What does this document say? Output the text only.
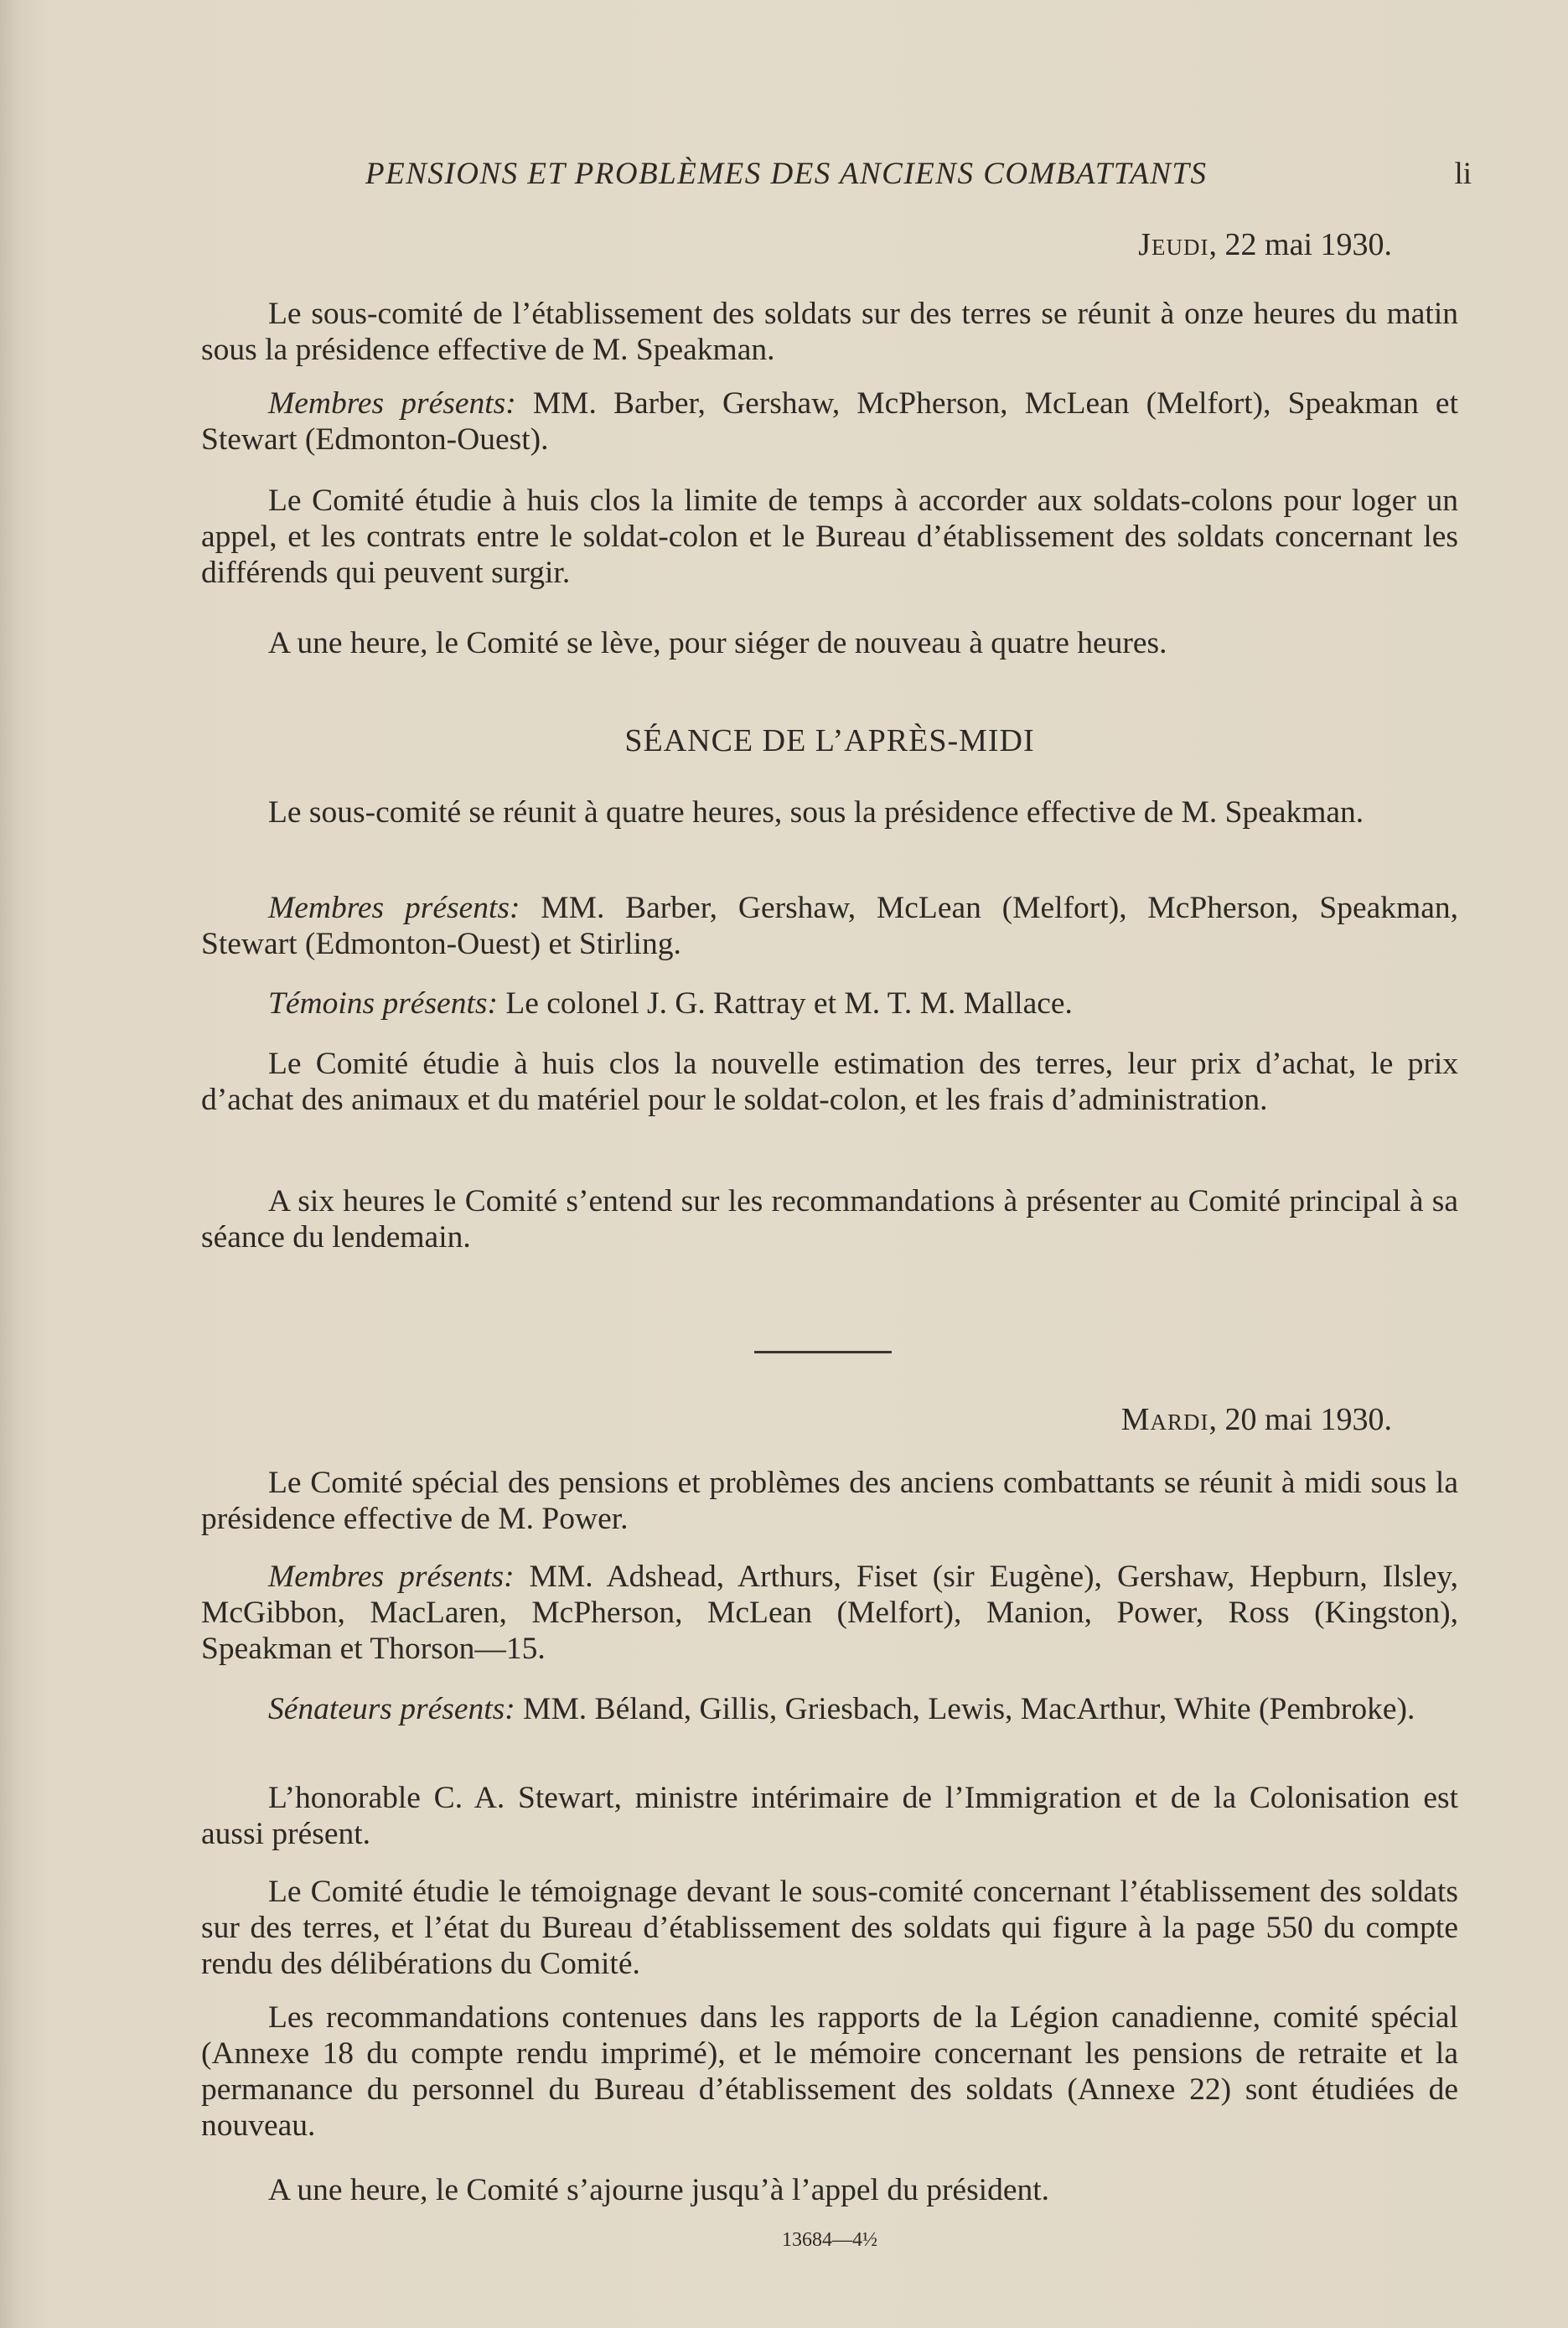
PENSIONS ET PROBLÈMES DES ANCIENS COMBATTANTS	li
Jeudi, 22 mai 1930.

Le sous-comité de l’établissement des soldats sur des terres se réunit à onze heures du matin sous la présidence effective de M. Speakman.

Membres présents: MM. Barber, Gershaw, McPherson, McLean (Melfort), Speakman et Stewart (Edmonton-Ouest).

Le Comité étudie à huis clos la limite de temps à accorder aux soldats-colons pour loger un appel, et les contrats entre le soldat-colon et le Bureau d’établissement des soldats concernant les différends qui peuvent surgir.

A une heure, le Comité se lève, pour siéger de nouveau à quatre heures.

SÉANCE DE L’APRÈS-MIDI

Le sous-comité se réunit à quatre heures, sous la présidence effective de M. Speakman.

Membres présents: MM. Barber, Gershaw, McLean (Melfort), McPherson, Speakman, Stewart (Edmonton-Ouest) et Stirling.

Témoins présents: Le colonel J. G. Rattray et M. T. M. Mallace.

Le Comité étudie à huis clos la nouvelle estimation des terres, leur prix d’achat, le prix d’achat des animaux et du matériel pour le soldat-colon, et les frais d’administration.

A six heures le Comité s’entend sur les recommandations à présenter au Comité principal à sa séance du lendemain.

Mardi, 20 mai 1930.

Le Comité spécial des pensions et problèmes des anciens combattants se réunit à midi sous la présidence effective de M. Power.

Membres présents: MM. Adshead, Arthurs, Fiset (sir Eugène), Gershaw, Hepburn, Ilsley, McGibbon, MacLaren, McPherson, McLean (Melfort), Manion, Power, Ross (Kingston), Speakman et Thorson—15.

Sénateurs présents: MM. Béland, Gillis, Griesbach, Lewis, MacArthur, White (Pembroke).

L’honorable C. A. Stewart, ministre intérimaire de l’Immigration et de la Colonisation est aussi présent.

Le Comité étudie le témoignage devant le sous-comité concernant l’établissement des soldats sur des terres, et l’état du Bureau d’établissement des soldats qui figure à la page 550 du compte rendu des délibérations du Comité.

Les recommandations contenues dans les rapports de la Légion canadienne, comité spécial (Annexe 18 du compte rendu imprimé), et le mémoire concernant les pensions de retraite et la permanance du personnel du Bureau d’établissement des soldats (Annexe 22) sont étudiées de nouveau.

A une heure, le Comité s’ajourne jusqu’à l’appel du président.

13684—4½
